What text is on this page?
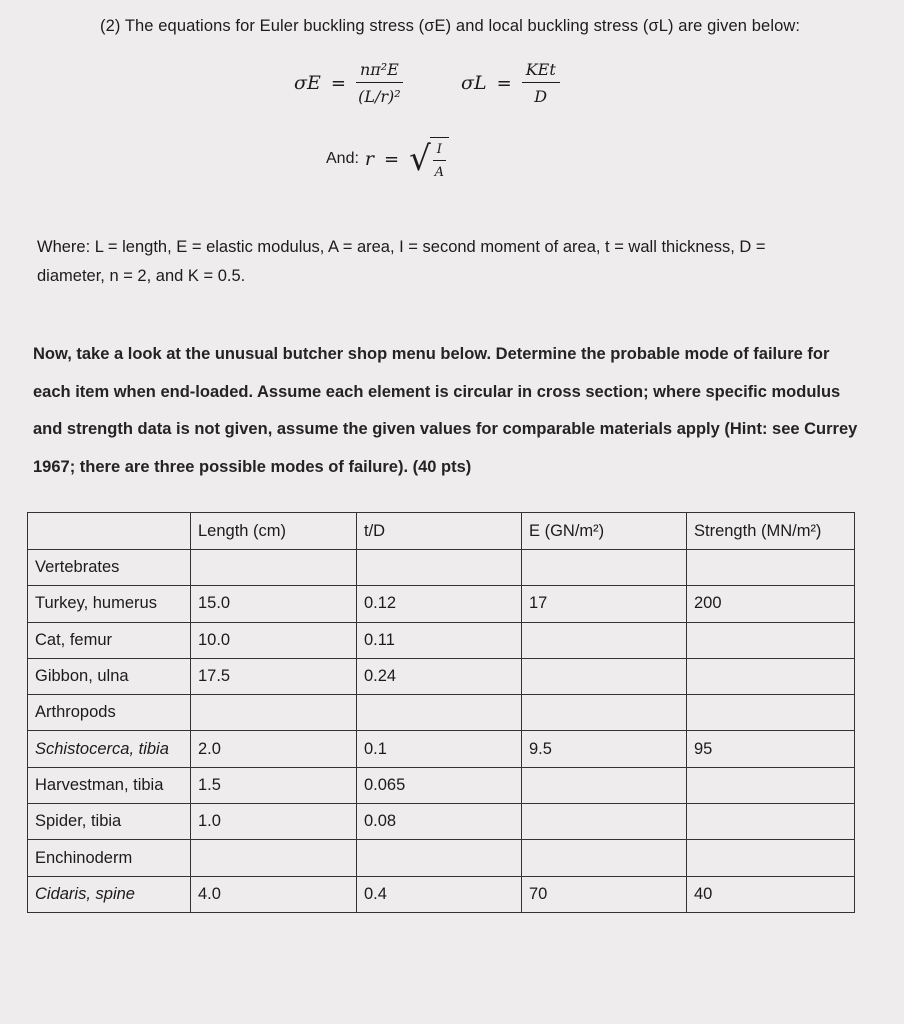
(2) The equations for Euler buckling stress (σE) and local buckling stress (σL) are given below:
$\sigma E = \frac{\text{nπ²E}}{\text{(L/r)²}}$	$\sigma L = \frac{\text{KEt}}{D}$
And: r = √ $\frac{I}{A}$
Where: L = length, E = elastic modulus, A = area, I = second moment of area, t = wall thickness, D =
diameter, n = 2, and K = 0.5.
Now, take a look at the unusual butcher shop menu below. Determine the probable mode of failure for each item when end-loaded. Assume each element is circular in cross section; where specific modulus and strength data is not given, assume the given values for comparable materials apply (Hint: see Currey 1967; there are three possible modes of failure). (40 pts)
	Length (cm)	t/D	E (GN/m²)	Strength (MN/m²)
Vertebrates				
Turkey, humerus	15.0	0.12	17	200
Cat, femur	10.0	0.11		
Gibbon, ulna	17.5	0.24		
Arthropods				
Schistocerca, tibia	2.0	0.1	9.5	95
Harvestman, tibia	1.5	0.065		
Spider, tibia	1.0	0.08		
Enchinoderm				
Cidaris, spine	4.0	0.4	70	40
